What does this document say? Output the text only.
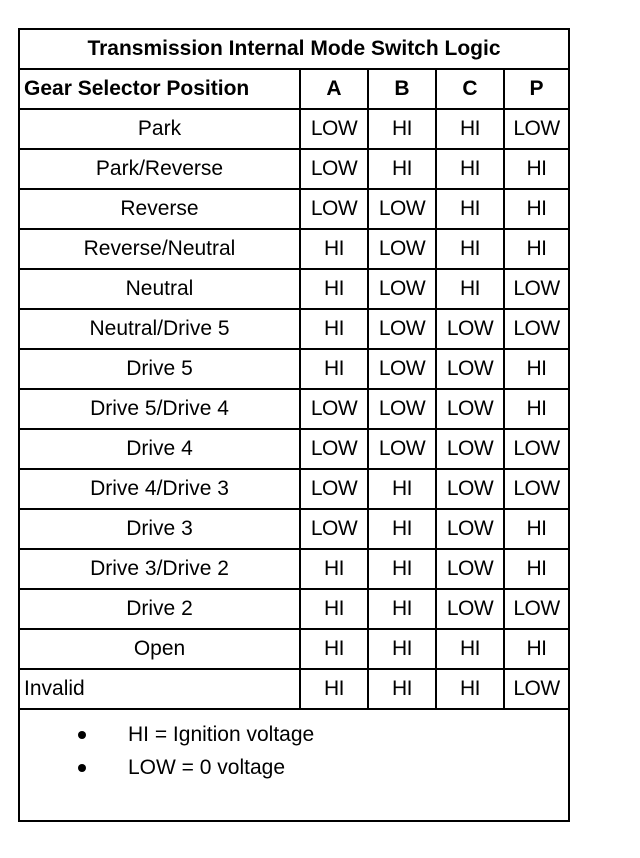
Transmission Internal Mode Switch Logic				
Gear Selector Position	A	B	C	P
Park	LOW	HI	HI	LOW
Park/Reverse	LOW	HI	HI	HI
Reverse	LOW	LOW	HI	HI
Reverse/Neutral	HI	LOW	HI	HI
Neutral	HI	LOW	HI	LOW
Neutral/Drive 5	HI	LOW	LOW	LOW
Drive 5	HI	LOW	LOW	HI
Drive 5/Drive 4	LOW	LOW	LOW	HI
Drive 4	LOW	LOW	LOW	LOW
Drive 4/Drive 3	LOW	HI	LOW	LOW
Drive 3	LOW	HI	LOW	HI
Drive 3/Drive 2	HI	HI	LOW	HI
Drive 2	HI	HI	LOW	LOW
Open	HI	HI	HI	HI
Invalid	HI	HI	HI	LOW
HI = Ignition voltage
LOW = 0 voltage
